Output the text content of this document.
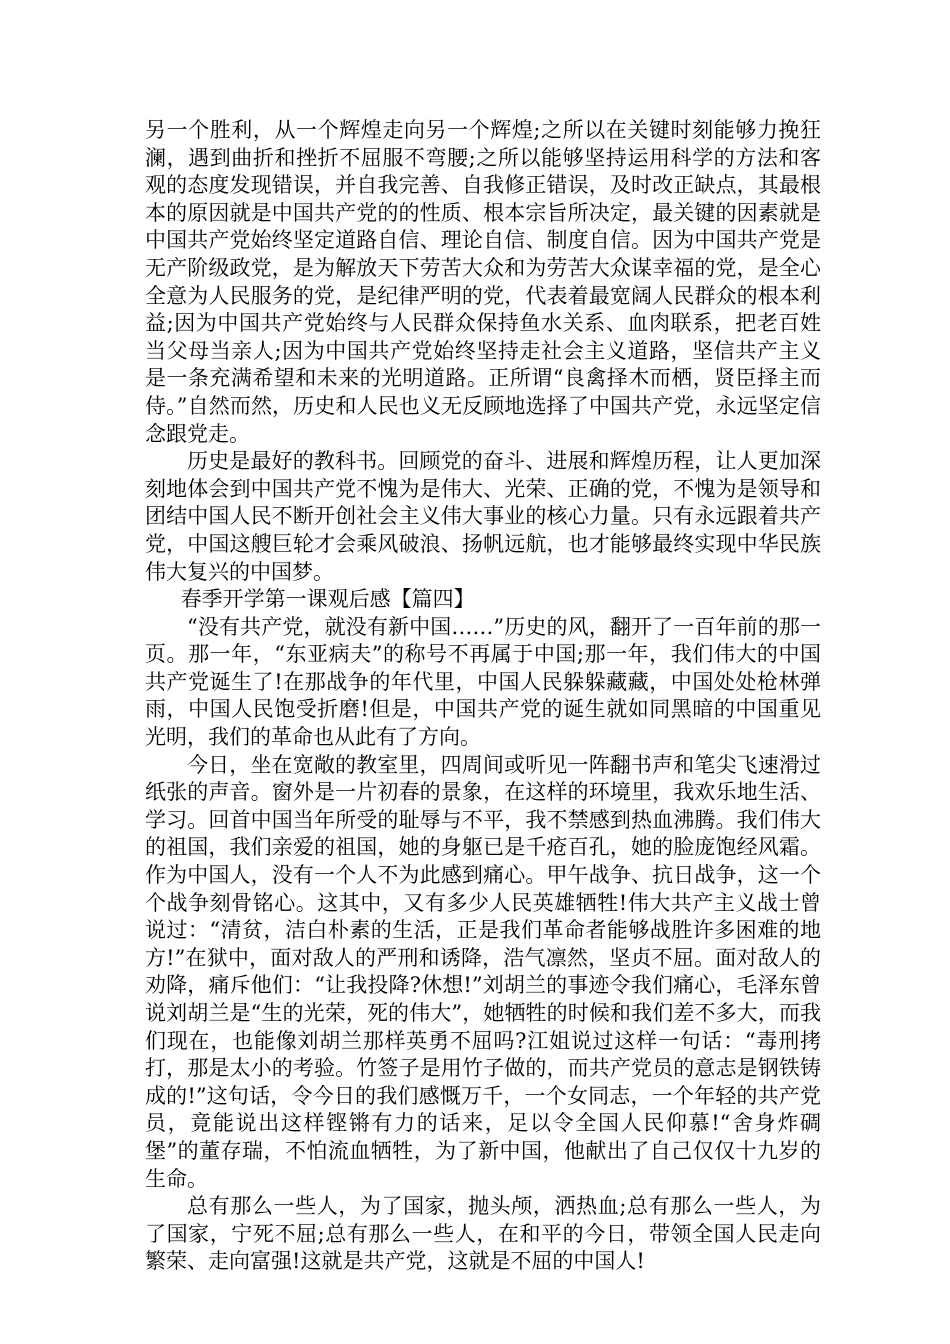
另一个胜利，从一个辉煌走向另一个辉煌;之所以在关键时刻能够力挽狂澜，遇到曲折和挫折不屈服不弯腰;之所以能够坚持运用科学的方法和客观的态度发现错误，并自我完善、自我修正错误，及时改正缺点，其最根本的原因就是中国共产党的的性质、根本宗旨所决定，最关键的因素就是中国共产党始终坚定道路自信、理论自信、制度自信。因为中国共产党是无产阶级政党，是为解放天下劳苦大众和为劳苦大众谋幸福的党，是全心全意为人民服务的党，是纪律严明的党，代表着最宽阔人民群众的根本利益;因为中国共产党始终与人民群众保持鱼水关系、血肉联系，把老百姓当父母当亲人;因为中国共产党始终坚持走社会主义道路，坚信共产主义是一条充满希望和未来的光明道路。正所谓“良禽择木而栖，贤臣择主而侍。”自然而然，历史和人民也义无反顾地选择了中国共产党，永远坚定信念跟党走。

历史是最好的教科书。回顾党的奋斗、进展和辉煌历程，让人更加深刻地体会到中国共产党不愧为是伟大、光荣、正确的党，不愧为是领导和团结中国人民不断开创社会主义伟大事业的核心力量。只有永远跟着共产党，中国这艘巨轮才会乘风破浪、扬帆远航，也才能够最终实现中华民族伟大复兴的中国梦。

春季开学第一课观后感【篇四】

“没有共产党，就没有新中国……”历史的风，翻开了一百年前的那一页。那一年，“东亚病夫”的称号不再属于中国;那一年，我们伟大的中国共产党诞生了!在那战争的年代里，中国人民躲躲藏藏，中国处处枪林弹雨，中国人民饱受折磨!但是，中国共产党的诞生就如同黑暗的中国重见光明，我们的革命也从此有了方向。

今日，坐在宽敞的教室里，四周间或听见一阵翻书声和笔尖飞速滑过纸张的声音。窗外是一片初春的景象，在这样的环境里，我欢乐地生活、学习。回首中国当年所受的耻辱与不平，我不禁感到热血沸腾。我们伟大的祖国，我们亲爱的祖国，她的身躯已是千疮百孔，她的脸庞饱经风霜。作为中国人，没有一个人不为此感到痛心。甲午战争、抗日战争，这一个个战争刻骨铭心。这其中，又有多少人民英雄牺牲!伟大共产主义战士曾说过：“清贫，洁白朴素的生活，正是我们革命者能够战胜许多困难的地方!”在狱中，面对敌人的严刑和诱降，浩气凛然，坚贞不屈。面对敌人的劝降，痛斥他们：“让我投降?休想!”刘胡兰的事迹令我们痛心，毛泽东曾说刘胡兰是“生的光荣，死的伟大”，她牺牲的时候和我们差不多大，而我们现在，也能像刘胡兰那样英勇不屈吗?江姐说过这样一句话：“毒刑拷打，那是太小的考验。竹签子是用竹子做的，而共产党员的意志是钢铁铸成的!”这句话，令今日的我们感慨万千，一个女同志，一个年轻的共产党员，竟能说出这样铿锵有力的话来，足以令全国人民仰慕!“舍身炸碉堡”的董存瑞，不怕流血牺牲，为了新中国，他献出了自己仅仅十九岁的生命。

总有那么一些人，为了国家，抛头颅，洒热血;总有那么一些人，为了国家，宁死不屈;总有那么一些人，在和平的今日，带领全国人民走向繁荣、走向富强!这就是共产党，这就是不屈的中国人!
